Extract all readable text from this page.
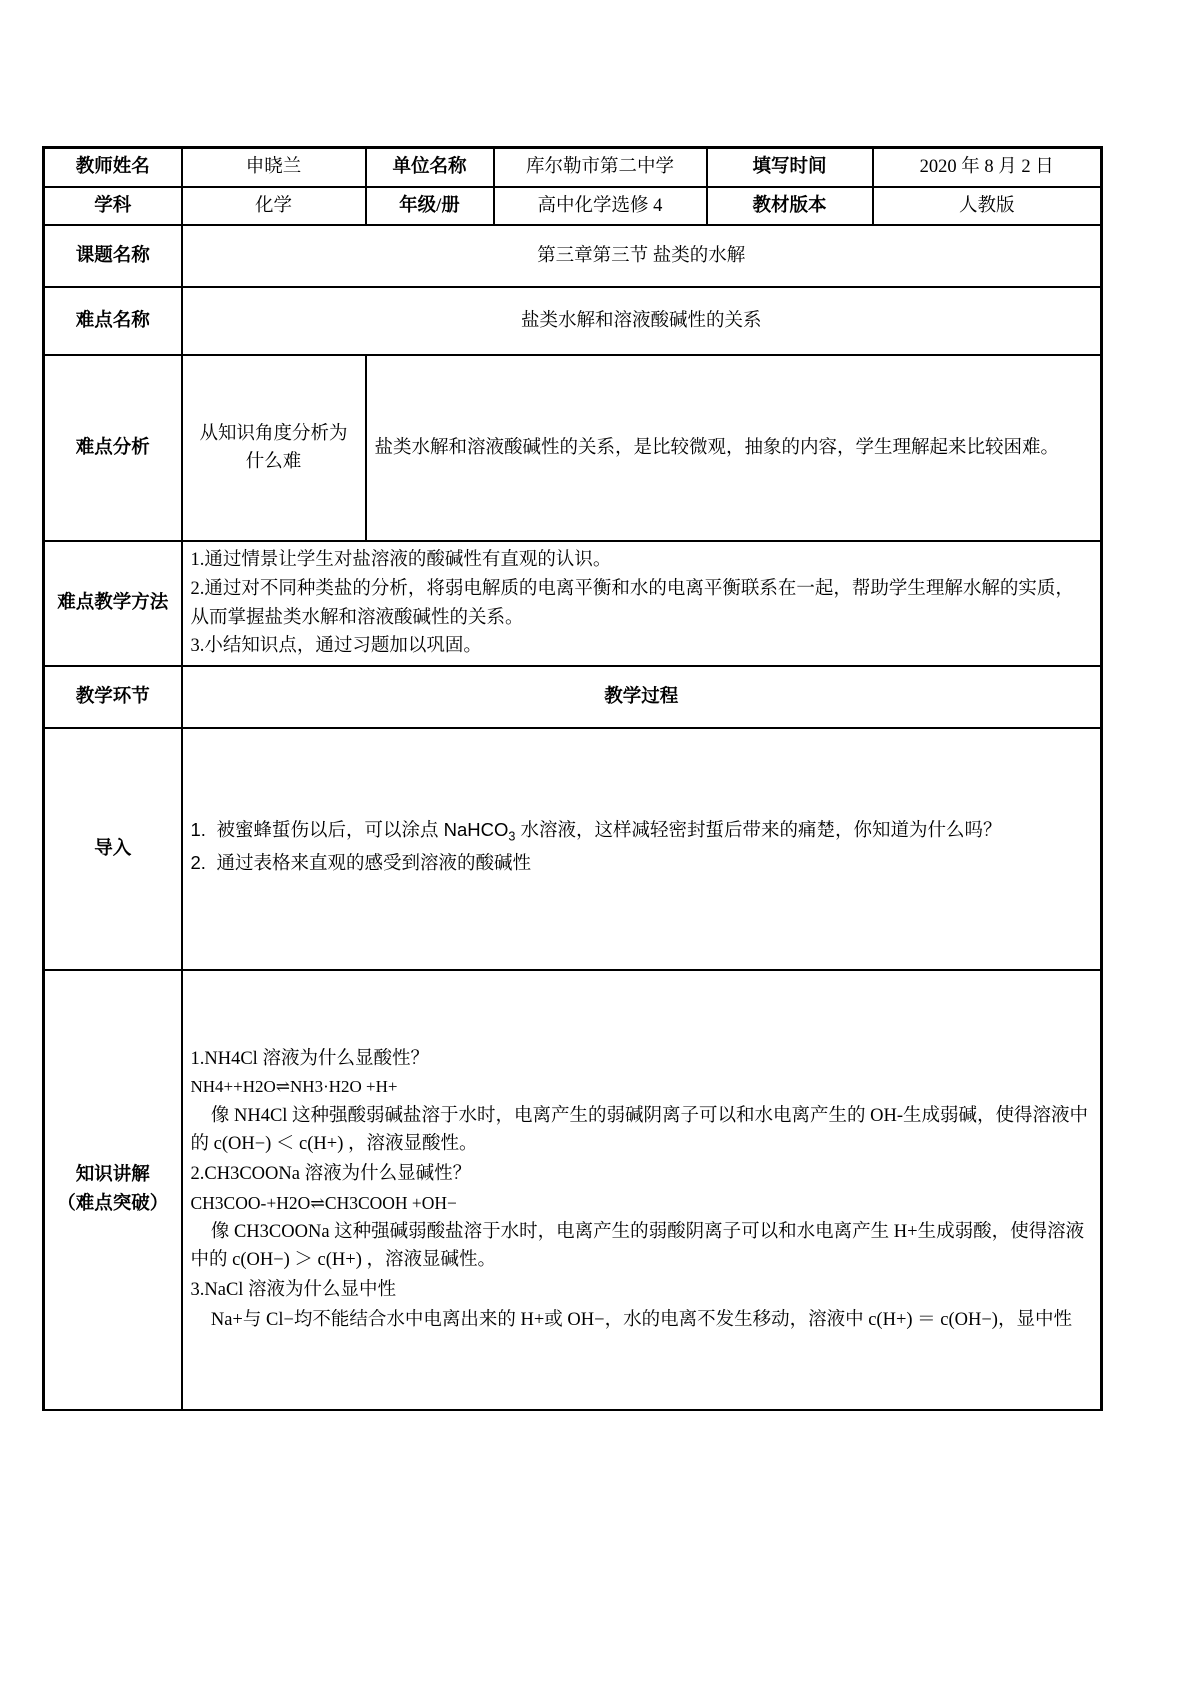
教师姓名	申晓兰	单位名称	库尔勒市第二中学	填写时间	2020 年 8 月 2 日
学科	化学	年级/册	高中化学选修 4	教材版本	人教版
课题名称	第三章第三节 盐类的水解				
难点名称	盐类水解和溶液酸碱性的关系				
难点分析	从知识角度分析为什么难	盐类水解和溶液酸碱性的关系，是比较微观，抽象的内容，学生理解起来比较困难。			
难点教学方法	1.通过情景让学生对盐溶液的酸碱性有直观的认识。
2.通过对不同种类盐的分析，将弱电解质的电离平衡和水的电离平衡联系在一起，帮助学生理解水解的实质，从而掌握盐类水解和溶液酸碱性的关系。
3.小结知识点，通过习题加以巩固。				

教学环节	教学过程				
导入	
1. 被蜜蜂蜇伤以后，可以涂点 NaHCO$_3$ 水溶液，这样减轻密封蜇后带来的痛楚，你知道为什么吗？
2. 通过表格来直观的感受到溶液的酸碱性

知识讲解
（难点突破）

1.NH4Cl 溶液为什么显酸性？

NH4++H2O⇌NH3·H2O +H+

像 NH4Cl 这种强酸弱碱盐溶于水时，电离产生的弱碱阴离子可以和水电离产生的 OH-生成弱碱，使得溶液中的 c(OH−) ＜ c(H+) ，溶液显酸性。

2.CH3COONa 溶液为什么显碱性？

CH3COO-+H2O⇌CH3COOH +OH−

像 CH3COONa 这种强碱弱酸盐溶于水时，电离产生的弱酸阴离子可以和水电离产生 H+生成弱酸，使得溶液中的 c(OH−) ＞ c(H+) ，溶液显碱性。

3.NaCl 溶液为什么显中性

Na+与 Cl−均不能结合水中电离出来的 H+或 OH−，水的电离不发生移动，溶液中 c(H+) ＝ c(OH−)，显中性
